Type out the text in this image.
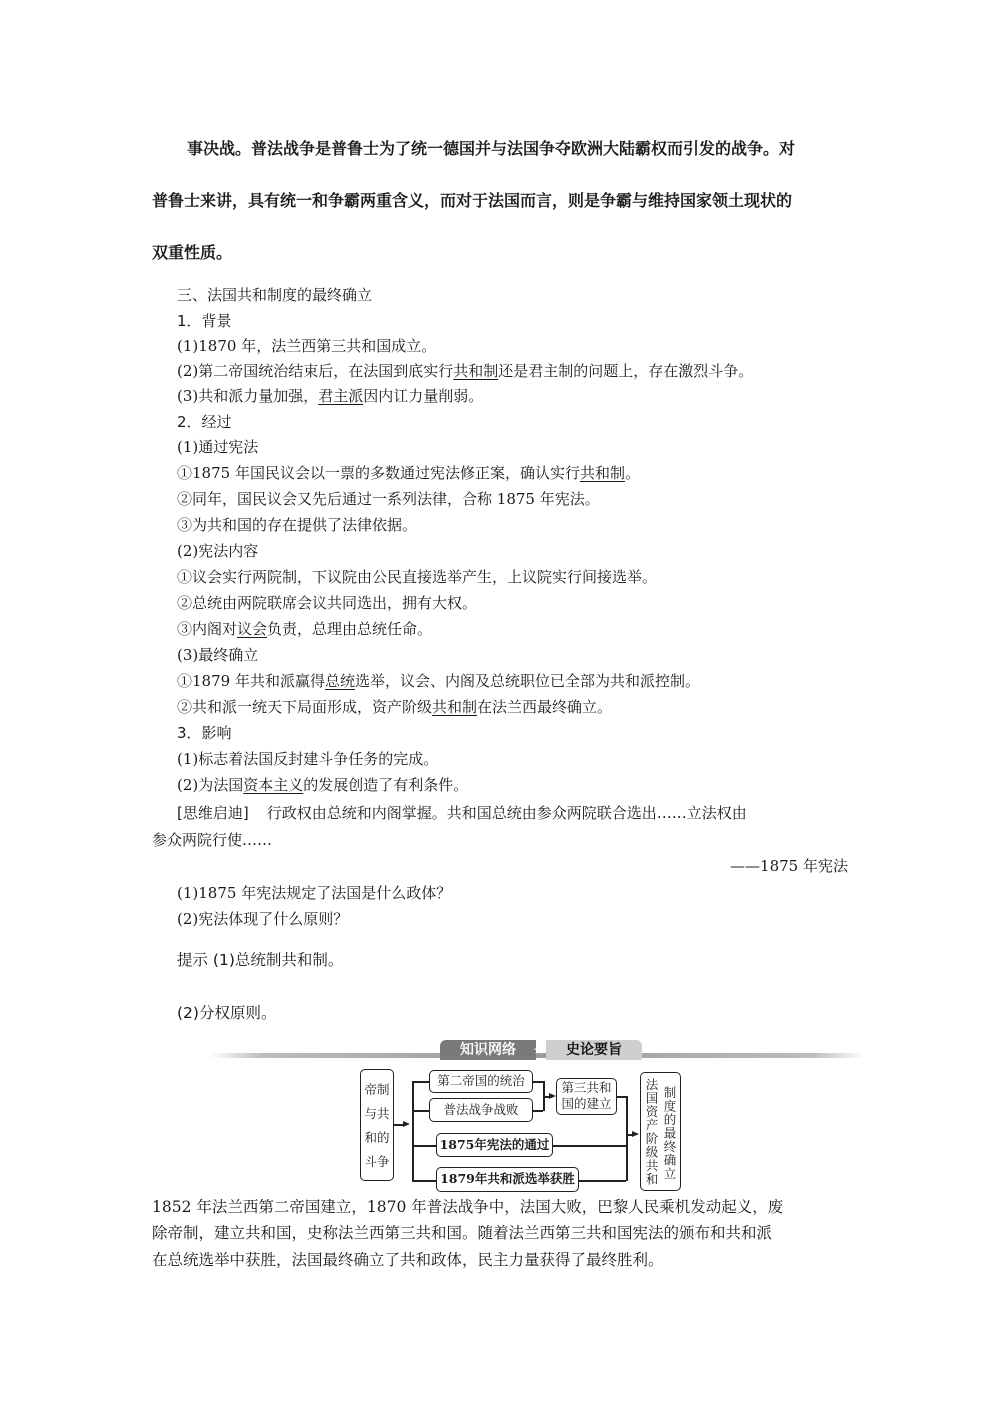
事决战。普法战争是普鲁士为了统一德国并与法国争夺欧洲大陆霸权而引发的战争。对
普鲁士来讲，具有统一和争霸两重含义，而对于法国而言，则是争霸与维持国家领土现状的
双重性质。
三、法国共和制度的最终确立
1．背景
(1)1870 年，法兰西第三共和国成立。
(2)第二帝国统治结束后，在法国到底实行共和制还是君主制的问题上，存在激烈斗争。
(3)共和派力量加强，君主派因内讧力量削弱。
2．经过
(1)通过宪法
①1875 年国民议会以一票的多数通过宪法修正案，确认实行共和制。
②同年，国民议会又先后通过一系列法律，合称 1875 年宪法。
③为共和国的存在提供了法律依据。
(2)宪法内容
①议会实行两院制，下议院由公民直接选举产生，上议院实行间接选举。
②总统由两院联席会议共同选出，拥有大权。
③内阁对议会负责，总理由总统任命。
(3)最终确立
①1879 年共和派赢得总统选举，议会、内阁及总统职位已全部为共和派控制。
②共和派一统天下局面形成，资产阶级共和制在法兰西最终确立。
3．影响
(1)标志着法国反封建斗争任务的完成。
(2)为法国资本主义的发展创造了有利条件。
[思维启迪] 行政权由总统和内阁掌握。共和国总统由参众两院联合选出……立法权由
参众两院行使……
——1875 年宪法
(1)1875 年宪法规定了法国是什么政体？
(2)宪法体现了什么原则？
提示 (1)总统制共和制。
(2)分权原则。
知识网络	史论要旨
★
帝制与共和的斗争
第二帝国的统治
普法战争战败
1875年宪法的通过
1879年共和派选举获胜
第三共和国的建立	制度的最终确立
法国资产阶级共和
1852 年法兰西第二帝国建立，1870 年普法战争中，法国大败，巴黎人民乘机发动起义，废
除帝制，建立共和国，史称法兰西第三共和国。随着法兰西第三共和国宪法的颁布和共和派
在总统选举中获胜，法国最终确立了共和政体，民主力量获得了最终胜利。
